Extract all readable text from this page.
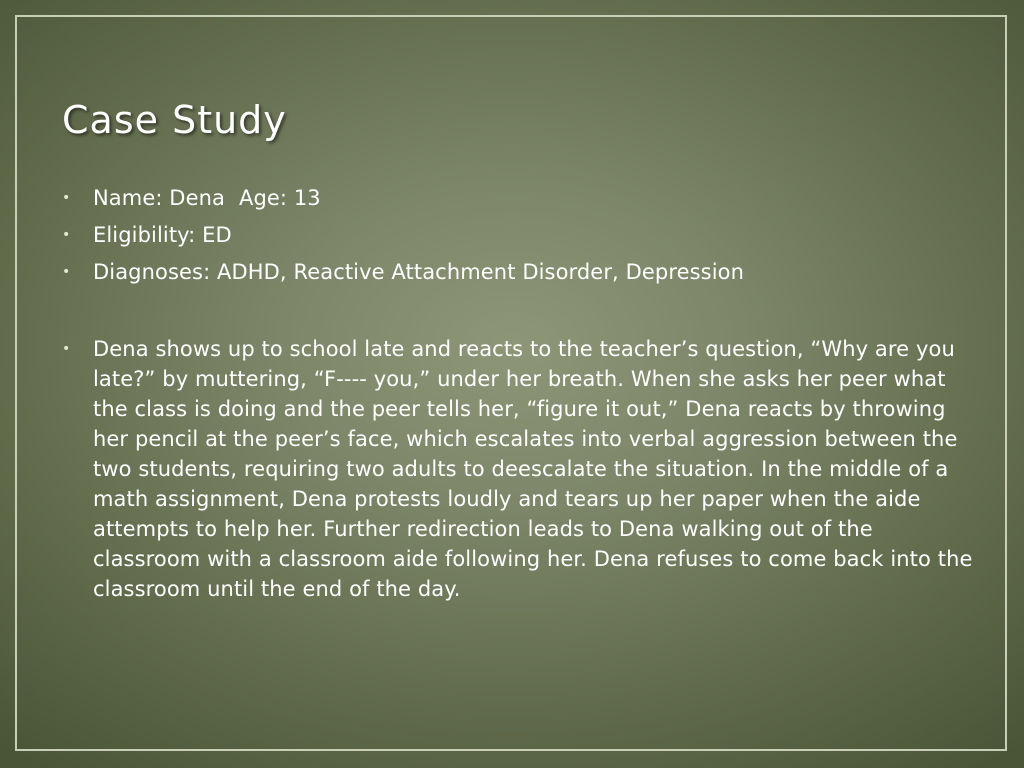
Case Study
• Name: Dena Age: 13
• Eligibility: ED
• Diagnoses: ADHD, Reactive Attachment Disorder, Depression
• Dena shows up to school late and reacts to the teacher’s question, “Why are you late?” by muttering, “F---- you,” under her breath. When she asks her peer what the class is doing and the peer tells her, “figure it out,” Dena reacts by throwing her pencil at the peer’s face, which escalates into verbal aggression between the two students, requiring two adults to deescalate the situation. In the middle of a math assignment, Dena protests loudly and tears up her paper when the aide attempts to help her. Further redirection leads to Dena walking out of the classroom with a classroom aide following her. Dena refuses to come back into the classroom until the end of the day.
